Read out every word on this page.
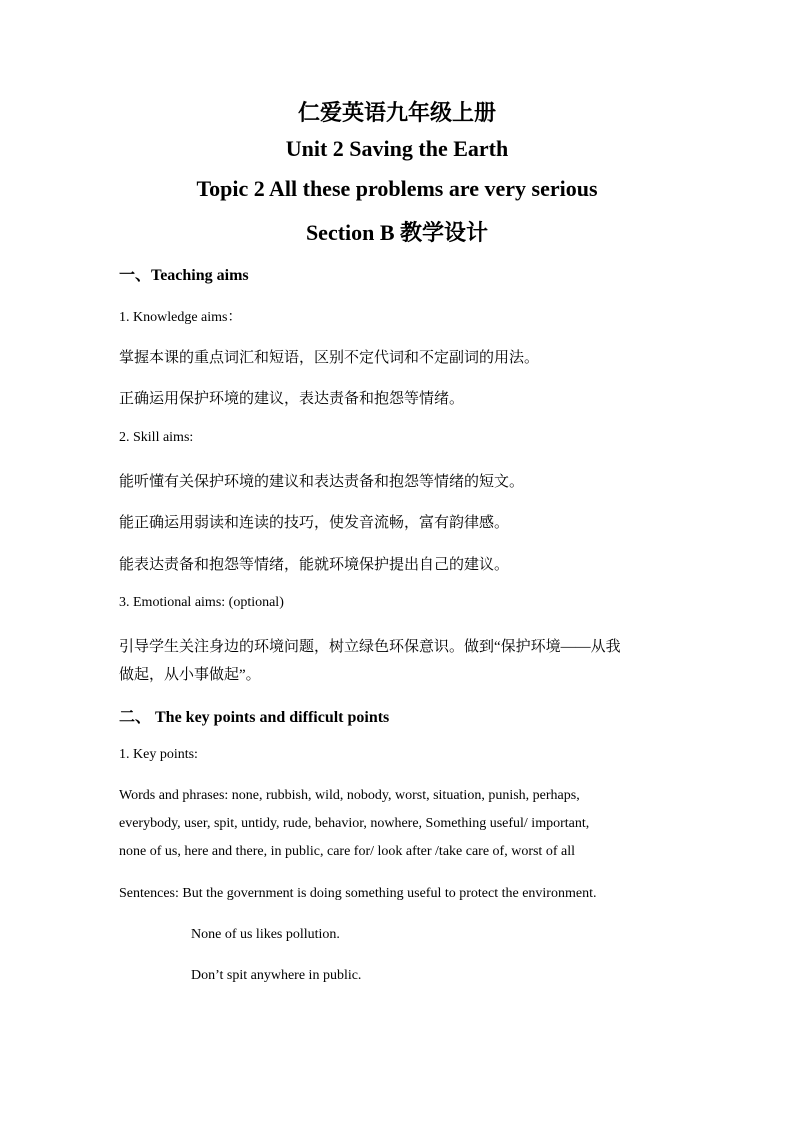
仁爱英语九年级上册
Unit 2 Saving the Earth
Topic 2 All these problems are very serious
Section B 教学设计
一、Teaching aims
1. Knowledge aims：
掌握本课的重点词汇和短语，区别不定代词和不定副词的用法。
正确运用保护环境的建议，表达责备和抱怨等情绪。
2. Skill aims:
能听懂有关保护环境的建议和表达责备和抱怨等情绪的短文。
能正确运用弱读和连读的技巧，使发音流畅，富有韵律感。
能表达责备和抱怨等情绪，能就环境保护提出自己的建议。
3. Emotional aims: (optional)
引导学生关注身边的环境问题，树立绿色环保意识。做到“保护环境——从我
做起，从小事做起”。
二、 The key points and difficult points
1. Key points:
Words and phrases: none, rubbish, wild, nobody, worst, situation, punish, perhaps,
everybody, user, spit, untidy, rude, behavior, nowhere, Something useful/ important,
none of us, here and there, in public, care for/ look after /take care of, worst of all
Sentences: But the government is doing something useful to protect the environment.
None of us likes pollution.
Don’t spit anywhere in public.
